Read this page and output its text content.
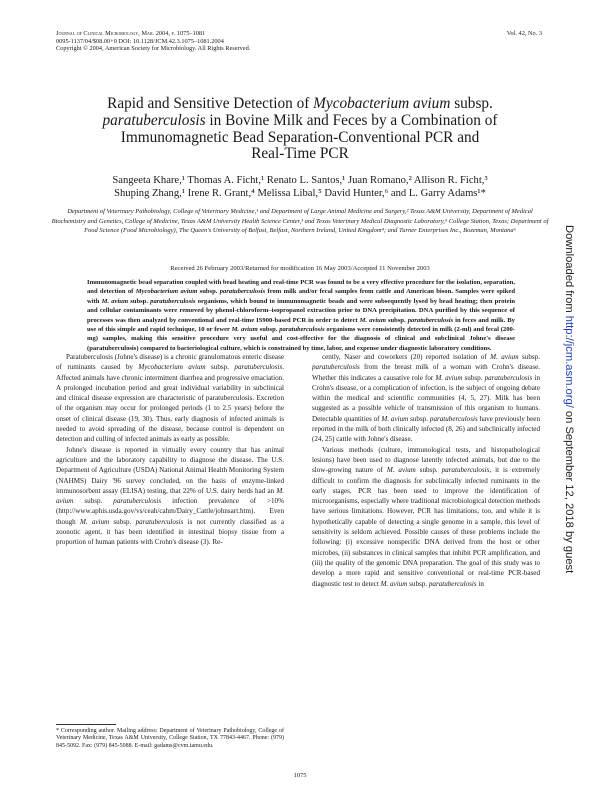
Journal of Clinical Microbiology, Mar. 2004, p. 1075–1081
0095-1137/04/$08.00+0 DOI: 10.1128/JCM.42.3.1075–1081.2004
Copyright © 2004, American Society for Microbiology. All Rights Reserved.
Vol. 42, No. 3
Rapid and Sensitive Detection of Mycobacterium avium subsp.
paratuberculosis in Bovine Milk and Feces by a Combination of
Immunomagnetic Bead Separation-Conventional PCR and
Real-Time PCR
Sangeeta Khare,¹ Thomas A. Ficht,¹ Renato L. Santos,¹ Juan Romano,² Allison R. Ficht,³
Shuping Zhang,¹ Irene R. Grant,⁴ Melissa Libal,⁵ David Hunter,⁶ and L. Garry Adams¹*
Department of Veterinary Pathobiology, College of Veterinary Medicine,¹ and Department of Large Animal Medicine and Surgery,² Texas A&M University, Department of Medical Biochemistry and Genetics, College of Medicine, Texas A&M University Health Science Center,³ and Texas Veterinary Medical Diagnostic Laboratory,⁵ College Station, Texas; Department of Food Science (Food Microbiology), The Queen's University of Belfast, Belfast, Northern Ireland, United Kingdom⁴; and Turner Enterprises Inc., Bozeman, Montana⁶
Received 26 February 2003/Returned for modification 16 May 2003/Accepted 11 November 2003
Immunomagnetic bead separation coupled with bead heating and real-time PCR was found to be a very effective procedure for the isolation, separation, and detection of Mycobacterium avium subsp. paratuberculosis from milk and/or fecal samples from cattle and American bison. Samples were spiked with M. avium subsp. paratuberculosis organisms, which bound to immunomagnetic beads and were subsequently lysed by bead heating; then protein and cellular contaminants were removed by phenol-chloroform–isopropanol extraction prior to DNA precipitation. DNA purified by this sequence of processes was then analyzed by conventional and real-time IS900-based PCR in order to detect M. avium subsp. paratuberculosis in feces and milk. By use of this simple and rapid technique, 10 or fewer M. avium subsp. paratuberculosis organisms were consistently detected in milk (2-ml) and fecal (200-mg) samples, making this sensitive procedure very useful and cost-effective for the diagnosis of clinical and subclinical Johne's disease (paratuberculosis) compared to bacteriological culture, which is constrained by time, labor, and expense under diagnostic laboratory conditions.

Paratuberculosis (Johne's disease) is a chronic granulomatous enteric disease of ruminants caused by Mycobacterium avium subsp. paratuberculosis. Affected animals have chronic intermittent diarrhea and progressive emaciation. A prolonged incubation period and great individual variability in subclinical and clinical disease expression are characteristic of paratuberculosis. Excretion of the organism may occur for prolonged periods (1 to 2.5 years) before the onset of clinical disease (19, 30). Thus, early diagnosis of infected animals is needed to avoid spreading of the disease, because control is dependent on detection and culling of infected animals as early as possible.

Johne's disease is reported in virtually every country that has animal agriculture and the laboratory capability to diagnose the disease. The U.S. Department of Agriculture (USDA) National Animal Health Monitoring System (NAHMS) Dairy '96 survey concluded, on the basis of enzyme-linked immunosorbent assay (ELISA) testing, that 22% of U.S. dairy herds had an M. avium subsp. paratuberculosis infection prevalence of >10% (http://www.aphis.usda.gov/vs/ceah/cahm/Dairy_Cattle/johnsart.htm). Even though M. avium subsp. paratuberculosis is not currently classified as a zoonotic agent, it has been identified in intestinal biopsy tissue from a proportion of human patients with Crohn's disease (3). Re-

cently, Naser and coworkers (20) reported isolation of M. avium subsp. paratuberculosis from the breast milk of a woman with Crohn's disease. Whether this indicates a causative role for M. avium subsp. paratuberculosis in Crohn's disease, or a complication of infection, is the subject of ongoing debate within the medical and scientific communities (4, 5, 27). Milk has been suggested as a possible vehicle of transmission of this organism to humans. Detectable quantities of M. avium subsp. paratuberculosis have previously been reported in the milk of both clinically infected (8, 26) and subclinically infected (24, 25) cattle with Johne's disease.

Various methods (culture, immunological tests, and histopathological lesions) have been used to diagnose latently infected animals, but due to the slow-growing nature of M. avium subsp. paratuberculosis, it is extremely difficult to confirm the diagnosis for subclinically infected ruminants in the early stages. PCR has been used to improve the identification of microorganisms, especially where traditional microbiological detection methods have serious limitations. However, PCR has limitations, too, and while it is hypothetically capable of detecting a single genome in a sample, this level of sensitivity is seldom achieved. Possible causes of these problems include the following: (i) excessive nonspecific DNA derived from the host or other microbes, (ii) substances in clinical samples that inhibit PCR amplification, and (iii) the quality of the genomic DNA preparation. The goal of this study was to develop a more rapid and sensitive conventional or real-time PCR-based diagnostic test to detect M. avium subsp. paratuberculosis in

* Corresponding author. Mailing address: Department of Veterinary Pathobiology, College of Veterinary Medicine, Texas A&M University, College Station, TX 77843-4467. Phone: (979) 845-5092. Fax: (979) 845-5088. E-mail: gadams@cvm.tamu.edu.
1075
Downloaded from http://jcm.asm.org/ on September 12, 2018 by guest
